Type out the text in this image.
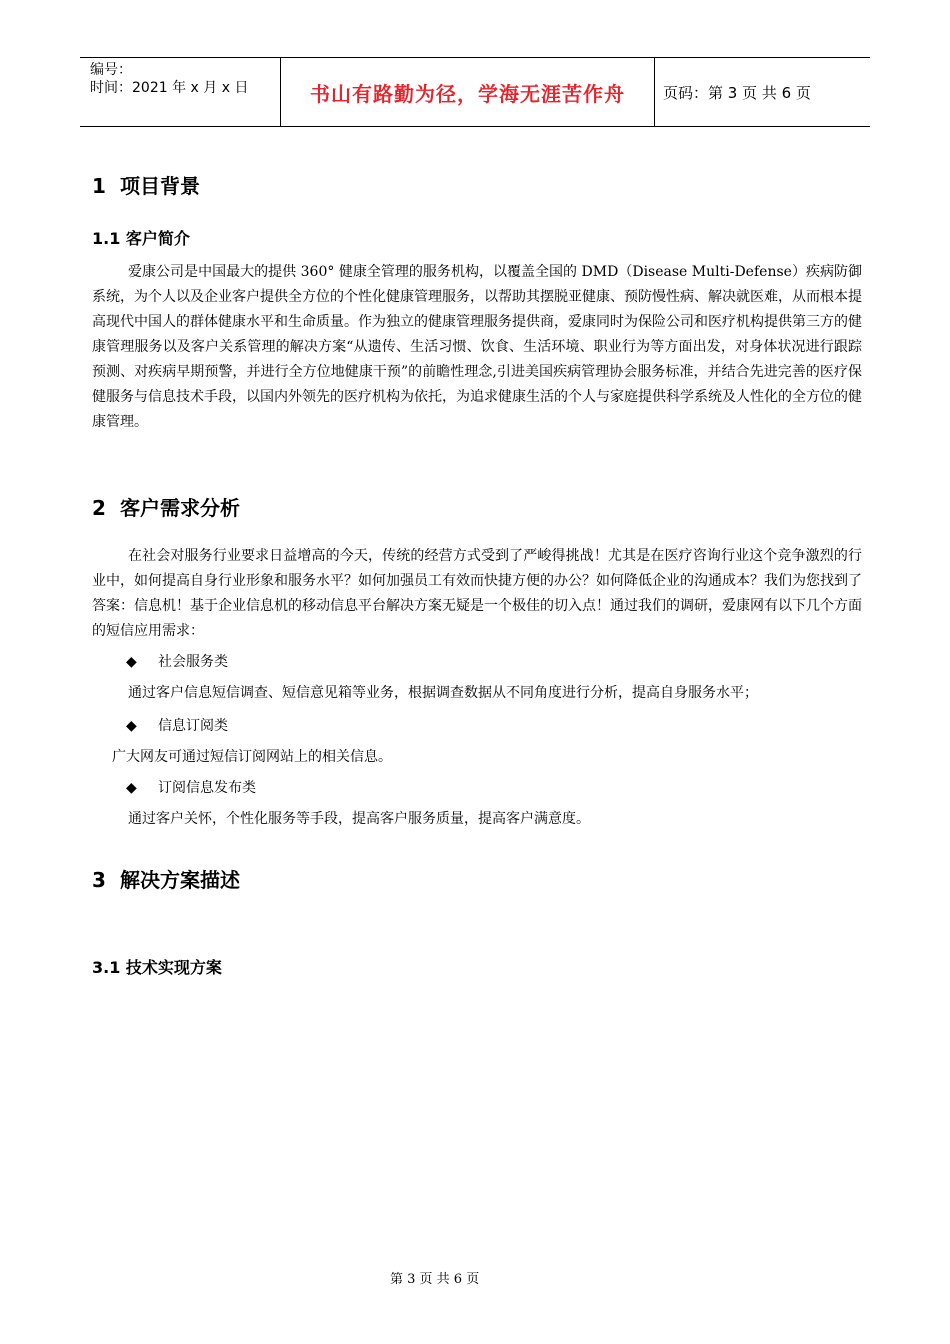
编号：
时间：2021 年 x 月 x 日	书山有路勤为径，学海无涯苦作舟	页码：第 3 页 共 6 页
1 项目背景
1.1 客户简介

爱康公司是中国最大的提供 360° 健康全管理的服务机构，以覆盖全国的 DMD（Disease Multi-Defense）疾病防御系统，为个人以及企业客户提供全方位的个性化健康管理服务，以帮助其摆脱亚健康、预防慢性病、解决就医难，从而根本提高现代中国人的群体健康水平和生命质量。作为独立的健康管理服务提供商，爱康同时为保险公司和医疗机构提供第三方的健康管理服务以及客户关系管理的解决方案“从遗传、生活习惯、饮食、生活环境、职业行为等方面出发，对身体状况进行跟踪预测、对疾病早期预警，并进行全方位地健康干预”的前瞻性理念,引进美国疾病管理协会服务标准，并结合先进完善的医疗保健服务与信息技术手段，以国内外领先的医疗机构为依托，为追求健康生活的个人与家庭提供科学系统及人性化的全方位的健康管理。

2 客户需求分析

在社会对服务行业要求日益增高的今天，传统的经营方式受到了严峻得挑战！尤其是在医疗咨询行业这个竞争激烈的行业中，如何提高自身行业形象和服务水平？如何加强员工有效而快捷方便的办公？如何降低企业的沟通成本？我们为您找到了答案：信息机！基于企业信息机的移动信息平台解决方案无疑是一个极佳的切入点！通过我们的调研，爱康网有以下几个方面的短信应用需求：

◆ 社会服务类

通过客户信息短信调查、短信意见箱等业务，根据调查数据从不同角度进行分析，提高自身服务水平；

◆ 信息订阅类

广大网友可通过短信订阅网站上的相关信息。

◆ 订阅信息发布类

通过客户关怀，个性化服务等手段，提高客户服务质量，提高客户满意度。

3 解决方案描述
3.1 技术实现方案
第 3 页 共 6 页
